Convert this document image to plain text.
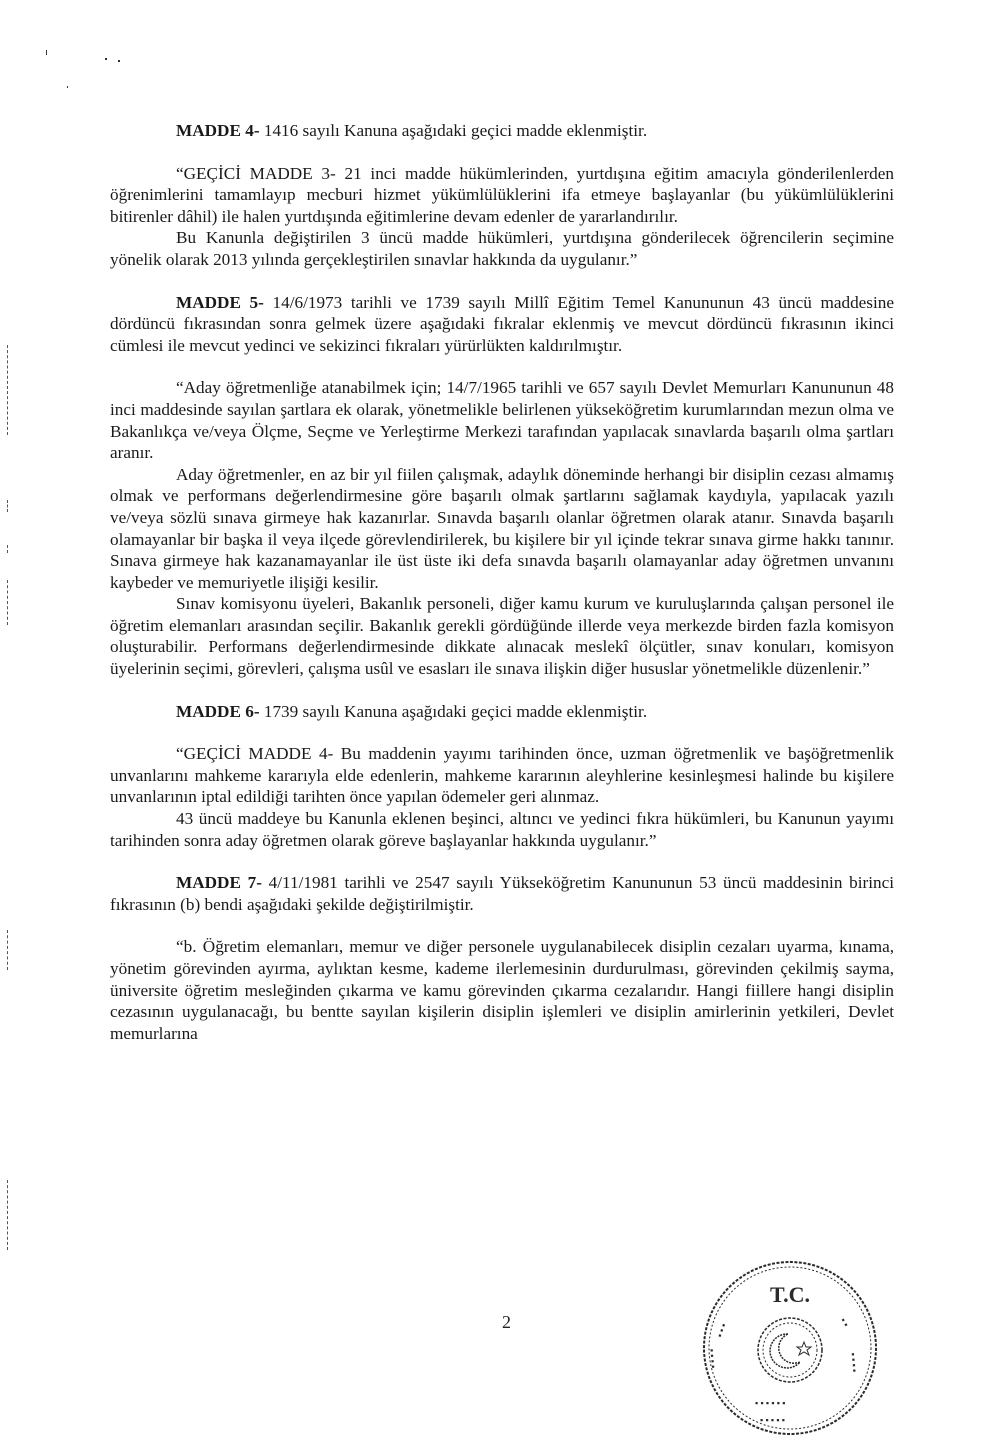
MADDE 4- 1416 sayılı Kanuna aşağıdaki geçici madde eklenmiştir.

“GEÇİCİ MADDE 3- 21 inci madde hükümlerinden, yurtdışına eğitim amacıyla gönderilenlerden öğrenimlerini tamamlayıp mecburi hizmet yükümlülüklerini ifa etmeye başlayanlar (bu yükümlülüklerini bitirenler dâhil) ile halen yurtdışında eğitimlerine devam edenler de yararlandırılır.

Bu Kanunla değiştirilen 3 üncü madde hükümleri, yurtdışına gönderilecek öğrencilerin seçimine yönelik olarak 2013 yılında gerçekleştirilen sınavlar hakkında da uygulanır.”

MADDE 5- 14/6/1973 tarihli ve 1739 sayılı Millî Eğitim Temel Kanununun 43 üncü maddesine dördüncü fıkrasından sonra gelmek üzere aşağıdaki fıkralar eklenmiş ve mevcut dördüncü fıkrasının ikinci cümlesi ile mevcut yedinci ve sekizinci fıkraları yürürlükten kaldırılmıştır.

“Aday öğretmenliğe atanabilmek için; 14/7/1965 tarihli ve 657 sayılı Devlet Memurları Kanununun 48 inci maddesinde sayılan şartlara ek olarak, yönetmelikle belirlenen yükseköğretim kurumlarından mezun olma ve Bakanlıkça ve/veya Ölçme, Seçme ve Yerleştirme Merkezi tarafından yapılacak sınavlarda başarılı olma şartları aranır.

Aday öğretmenler, en az bir yıl fiilen çalışmak, adaylık döneminde herhangi bir disiplin cezası almamış olmak ve performans değerlendirmesine göre başarılı olmak şartlarını sağlamak kaydıyla, yapılacak yazılı ve/veya sözlü sınava girmeye hak kazanırlar. Sınavda başarılı olanlar öğretmen olarak atanır. Sınavda başarılı olamayanlar bir başka il veya ilçede görevlendirilerek, bu kişilere bir yıl içinde tekrar sınava girme hakkı tanınır. Sınava girmeye hak kazanamayanlar ile üst üste iki defa sınavda başarılı olamayanlar aday öğretmen unvanını kaybeder ve memuriyetle ilişiği kesilir.

Sınav komisyonu üyeleri, Bakanlık personeli, diğer kamu kurum ve kuruluşlarında çalışan personel ile öğretim elemanları arasından seçilir. Bakanlık gerekli gördüğünde illerde veya merkezde birden fazla komisyon oluşturabilir. Performans değerlendirmesinde dikkate alınacak meslekî ölçütler, sınav konuları, komisyon üyelerinin seçimi, görevleri, çalışma usûl ve esasları ile sınava ilişkin diğer hususlar yönetmelikle düzenlenir.”

MADDE 6- 1739 sayılı Kanuna aşağıdaki geçici madde eklenmiştir.

“GEÇİCİ MADDE 4- Bu maddenin yayımı tarihinden önce, uzman öğretmenlik ve başöğretmenlik unvanlarını mahkeme kararıyla elde edenlerin, mahkeme kararının aleyhlerine kesinleşmesi halinde bu kişilere unvanlarının iptal edildiği tarihten önce yapılan ödemeler geri alınmaz.

43 üncü maddeye bu Kanunla eklenen beşinci, altıncı ve yedinci fıkra hükümleri, bu Kanunun yayımı tarihinden sonra aday öğretmen olarak göreve başlayanlar hakkında uygulanır.”

MADDE 7- 4/11/1981 tarihli ve 2547 sayılı Yükseköğretim Kanununun 53 üncü maddesinin birinci fıkrasının (b) bendi aşağıdaki şekilde değiştirilmiştir.

“b. Öğretim elemanları, memur ve diğer personele uygulanabilecek disiplin cezaları uyarma, kınama, yönetim görevinden ayırma, aylıktan kesme, kademe ilerlemesinin durdurulması, görevinden çekilmiş sayma, üniversite öğretim mesleğinden çıkarma ve kamu görevinden çıkarma cezalarıdır. Hangi fiillere hangi disiplin cezasının uygulanacağı, bu bentte sayılan kişilerin disiplin işlemleri ve disiplin amirlerinin yetkileri, Devlet memurlarına

2
T.C.
▪ ▪ ▪
▪ ▪ ▪ ▪
▪ ▪
▪ ▪ ▪ ▪
▪ ▪ ▪ ▪ ▪ ▪
▪ ▪ ▪ ▪ ▪
